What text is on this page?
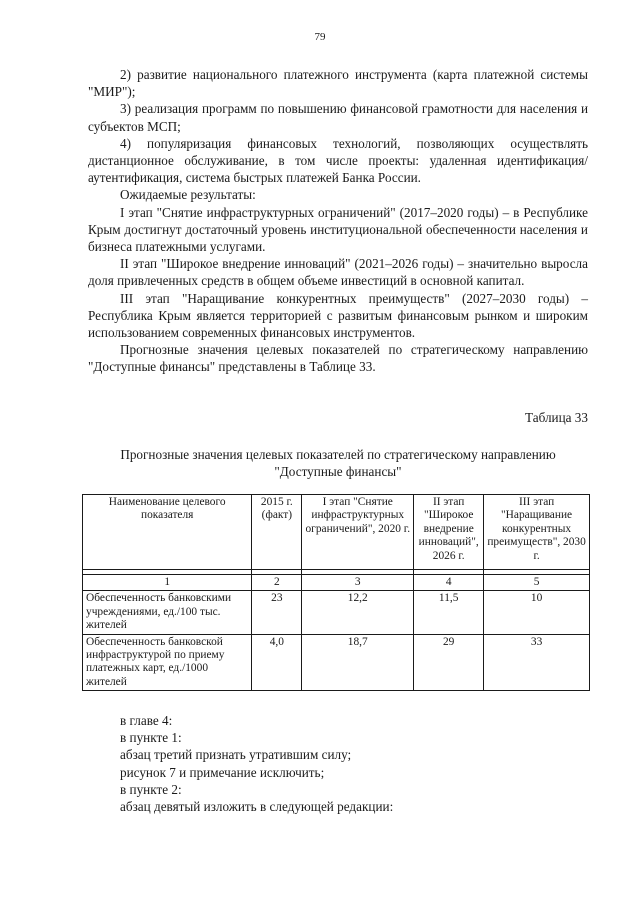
79

2) развитие национального платежного инструмента (карта платежной системы "МИР");

3) реализация программ по повышению финансовой грамотности для населения и субъектов МСП;

4) популяризация финансовых технологий, позволяющих осуществлять дистанционное обслуживание, в том числе проекты: удаленная идентификация/аутентификация, система быстрых платежей Банка России.

Ожидаемые результаты:

I этап "Снятие инфраструктурных ограничений" (2017–2020 годы) – в Республике Крым достигнут достаточный уровень институциональной обеспеченности населения и бизнеса платежными услугами.

II этап "Широкое внедрение инноваций" (2021–2026 годы) – значительно выросла доля привлеченных средств в общем объеме инвестиций в основной капитал.

III этап "Наращивание конкурентных преимуществ" (2027–2030 годы) – Республика Крым является территорией с развитым финансовым рынком и широким использованием современных финансовых инструментов.

Прогнозные значения целевых показателей по стратегическому направлению "Доступные финансы" представлены в Таблице 33.

Таблица 33
Прогнозные значения целевых показателей по стратегическому направлению "Доступные финансы"
Наименование целевого показателя	2015 г. (факт)	I этап "Снятие инфраструктурных ограничений", 2020 г.	II этап "Широкое внедрение инноваций", 2026 г.	III этап "Наращивание конкурентных преимуществ", 2030 г.

1	2	3	4	5
Обеспеченность банковскими учреждениями, ед./100 тыс. жителей	23	12,2	11,5	10
Обеспеченность банковской инфраструктурой по приему платежных карт, ед./1000 жителей	4,0	18,7	29	33

в главе 4:

в пункте 1:

абзац третий признать утратившим силу;

рисунок 7 и примечание исключить;

в пункте 2:

абзац девятый изложить в следующей редакции:
